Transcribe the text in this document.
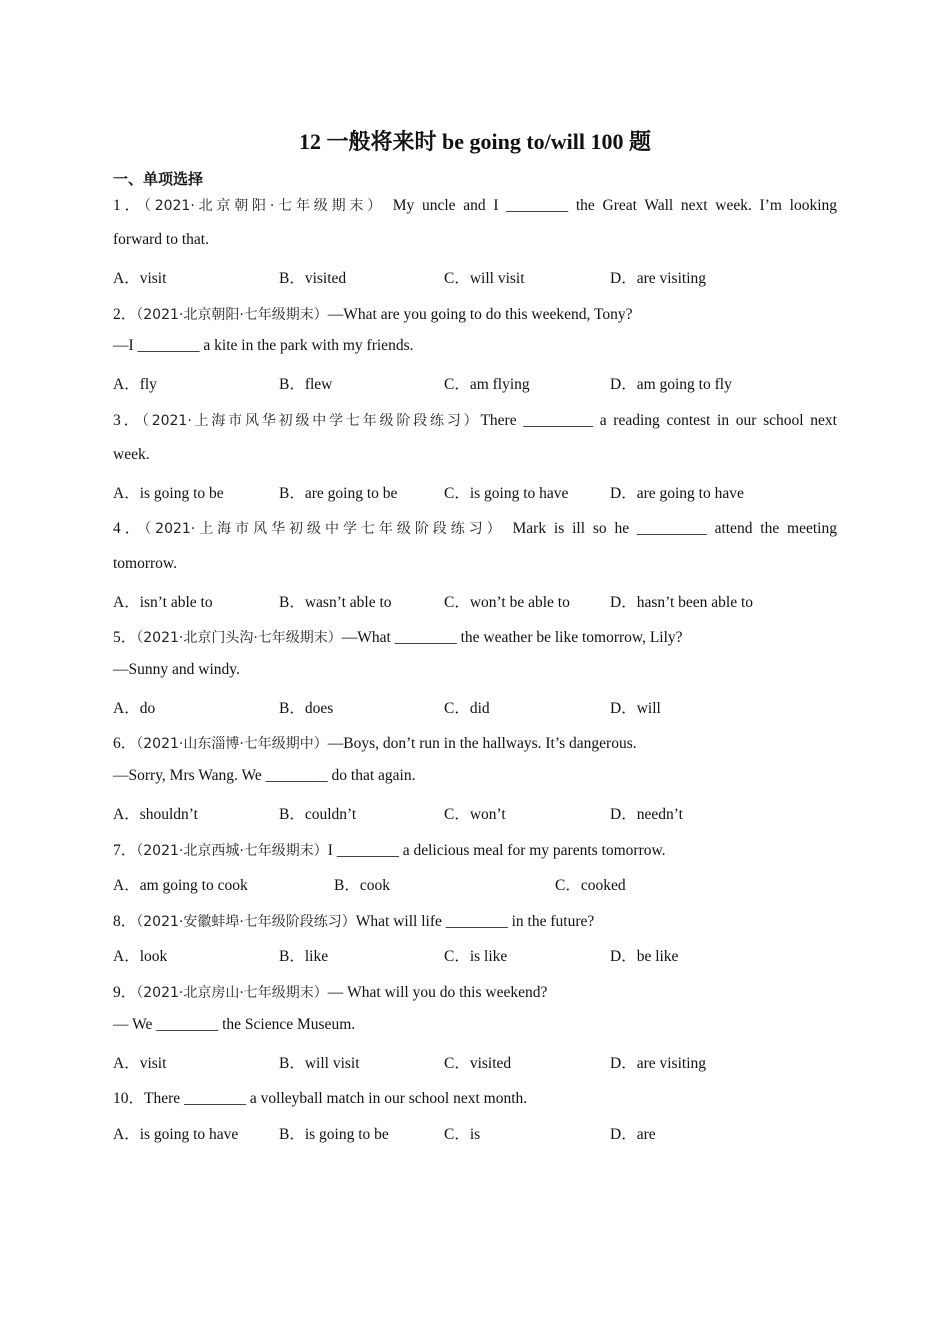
12 一般将来时 be going to/will 100 题
一、单项选择
1．（2021·北京朝阳·七年级期末） My uncle and I ________ the Great Wall next week. I’m looking
forward to that.
A．visit	B．visited	C．will visit	D．are visiting
2．（2021·北京朝阳·七年级期末）—What are you going to do this weekend, Tony?
—I ________ a kite in the park with my friends.
A．fly	B．flew	C．am flying	D．am going to fly
3．（2021·上海市风华初级中学七年级阶段练习）There _________ a reading contest in our school next
week.
A．is going to be	B．are going to be	C．is going to have	D．are going to have
4．（2021·上海市风华初级中学七年级阶段练习） Mark is ill so he _________ attend the meeting
tomorrow.
A．isn’t able to	B．wasn’t able to	C．won’t be able to	D．hasn’t been able to
5．（2021·北京门头沟·七年级期末）—What ________ the weather be like tomorrow, Lily?
—Sunny and windy.
A．do	B．does	C．did	D．will
6．（2021·山东淄博·七年级期中）—Boys, don’t run in the hallways. It’s dangerous.
—Sorry, Mrs Wang. We ________ do that again.
A．shouldn’t	B．couldn’t	C．won’t	D．needn’t
7．（2021·北京西城·七年级期末）I ________ a delicious meal for my parents tomorrow.
A．am going to cook	B．cook	C．cooked
8．（2021·安徽蚌埠·七年级阶段练习）What will life ________ in the future?
A．look	B．like	C．is like	D．be like
9．（2021·北京房山·七年级期末）— What will you do this weekend?
— We ________ the Science Museum.
A．visit	B．will visit	C．visited	D．are visiting
10．There ________ a volleyball match in our school next month.
A．is going to have	B．is going to be	C．is	D．are
